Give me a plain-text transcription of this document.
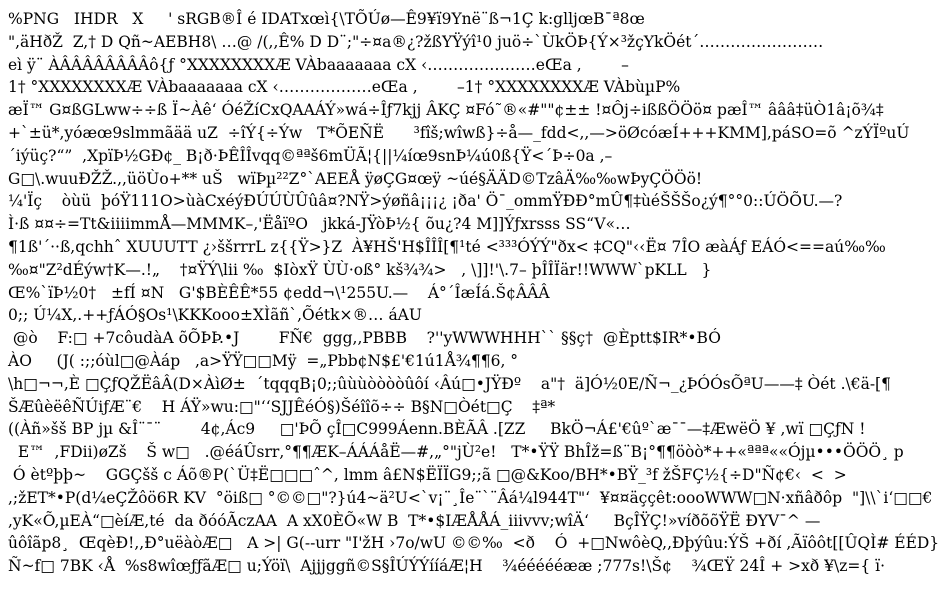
%PNG   IHDR   X     ' sRGB®Î é IDATxœì{\TÕÚø—Ê9¥ï9Ynë¨ß¬1Ç k:glljœB¯ª8œ
",äHðŽ  Z,† D Qñ~AEBH8\ …@ /(,,Ê% D D¨;"÷¤a®¿?žßYŸýî¹0 juö÷`ÙkÖÞ{Ý×³žçYkÖét´……………………
eì ÿ¨ ÀÂÂÂÂÂÂÂÂô{ƒ °XXXXXXXXÆ VÀbaaaaaaa cX ‹…………………eŒa ,        –
1† °XXXXXXXXÆ VÀbaaaaaaa cX ‹………………eŒa ,        –1† °XXXXXXXXÆ VÀbùµP%
æÏ™ G¤ßGLww÷÷ß Ï~Àê‘ ÓéŽíCxQAAÁÝ»wá÷Îƒ7kjj ÂKÇ ¤Fó˜®«#""¢±± !¤Ôj÷ißßÖÖö¤ pæÎ™ âââ‡üÒ1â¡õ¾‡
+`±ü*,yóæœ9slmmãää uZ  ÷îÝ{÷Ýw   T*ÕЕÑË      ³fîš;wîwß}÷å—_fdd<,,—>öØcóæÍ+++KMM],páSO=õ ^zÝÏºuÚ
´iýüç?“”  ,XpïÞ½GÐ¢_ B¡ð·ÞÊÎÎvqq©ªªš6mÜÃ¦{||¼íœ9snÞ¼ú0ß{Ÿ<´Þ÷0a ,–
G□\.wuuÐŽŽ.,,üöÙo+** uŠ   wïÞµ²²Z°`AEEÅ ÿøÇG¤œÿ ~úé§ÄÄD©TzâÄ‰‰wÞyÇÖÖö!
¼'Ïç    òùü  þóŸ111O>ùàCxéýÐÚÚÙÛûâ¤?NŸ>ýøñâ¡¡¡¿ ¡ða' Ö¯_ommŸÐÐ°mÛ¶‡ùéŠŠŠo¿ý¶°°0::ÚÖÕU.—?
Ì·ß ¤¤÷=Tt&iiiimmÅ—MMMK–‚'ËåïºO   jkká-JŸòÞ½{ õu¿?4 M]]Ýƒxrsss SS“V«…
¶1ß'´··ß,qchhˆ XUUUTT ¿›ššrrrL z{{Ÿ>}Z  À¥HŠ'H$ÎÎÎ[¶¹té <³³³ÓÝÝ"ðx< ‡CQ"‹‹Ë¤ 7ÎO æàÁƒ EÁÓ<==aú‰‰
‰¤"Z²dÉýw†K—.!„    †¤ŸÝ\lii ‰  $IòxŸ ÙÙ·oß° kš¾¾>   , \]]!'\.7– þÎÎÏär!!WWW`pKLL   }
Œ%`ïÞ½0†   ±fÍ ¤N   G'$BÈÊÊ*55 ¢edd¬\¹255U.—    Á°´ÎæÍá.Š¢ÂÂÂ
0;; Ú¼X,.++ƒÁÓ§Os¹\KKKooo±XÌãñ`,Õétk×®… áAU
@ò    F:□ +7côudàA õÕÞÞ.•J        FÑ€  ggg,,PBBB    ?''yWWWHHH`` §§ç†  @Èptt$IR*•BÓ
ÀO     (J( :;;óùl□@Àáp   ,a>ŸŸ□□Mÿ  =„Pbb¢N$£'€1ú1Å¾¶¶6, °
\h□¬¬,È □ÇƒQŽËâÂ(D×ÀìØ±  ´tqqqB¡0;;ûùùòòòòûôí ‹Âú□•JŸÐº    a"†  ä]Ó½0E/Ñ¬_¿ÞÓÓsÕªU——‡ Òét .\€ä-[¶
ŠÆûèëêÑÚiƒÆ¨€    H ÁŸ»wu:□"‘‘SJJÊéÓ§)Šéîîõ÷÷ B§N□Òét□Ç    ‡ª*
((Àñ»šš BP jµ &Î¨¯¨        4¢,Ác9     □'ÞÕ çÎ□C999Áenn.BÈÃÂ .[ZZ     BkÖ¬Á£'€ûº`æ¯¯—‡ÆwëÖ ¥ ,wï □ÇƒN !
E™  ,FDii)øZš    Š w□   .@éáÛsrr‚°¶¶ÆK–ÁÁÁåË—#,„°"jÙ²e!   T*•ŸŸ BhÎž=ß¨B¡°¶¶öòò*++«ªªª««Ójµ•••ÖÖÖ¸ p
Ó ètºþþ~    GGÇšš c Áõ®P(`Ü‡Ë□□□ˆ^, lmm â£N$ËÏÏG9;;ã □@&Koo/BH*•BŸ_³f žŠFÇ½{÷D"Ñ¢€‹  <  >
,;žET*•P(d¼eÇŽôö6R KV  °öiß□ °©©□"?}ú4~ä²U<`v¡¨¸Îe¨`¨Âá¼l944T"‘  ¥¤¤äççêt:oooWWW□N·xñâðôp  "]\\`i‘□□€
,yK«Õ,µEÀ“□èíÆ,té  da ðóóÃczAA  A xX0ÈÕ«W B  T*•$IÆÅÅÁ_iiivvv;wîÄ‘     BçÎŸÇ!»víðõõŸË ÐYV¯^ —
ûôîãp8¸  ŒqèÐ!,,Ð°uëàòÆ□   A >| G(--urr "I'žH ›7o/wU ©©‰  <ð    Ó  +□NwôèQ,,Ðþýûu:ÝŠ +ðí ,Ãïôôt[[ÛQÌ# ÉÉD}
Ñ~f□ 7BK ‹Å  %s8wîœƒƒãÆ□ u;Ýöï\  Ajjjggñ©S§ÎÚÝÝííáÆ¦H    ¾éééééææ ;777s!\Š¢    ¾ŒŸ 24Î + >xð ¥\z={ ï·
